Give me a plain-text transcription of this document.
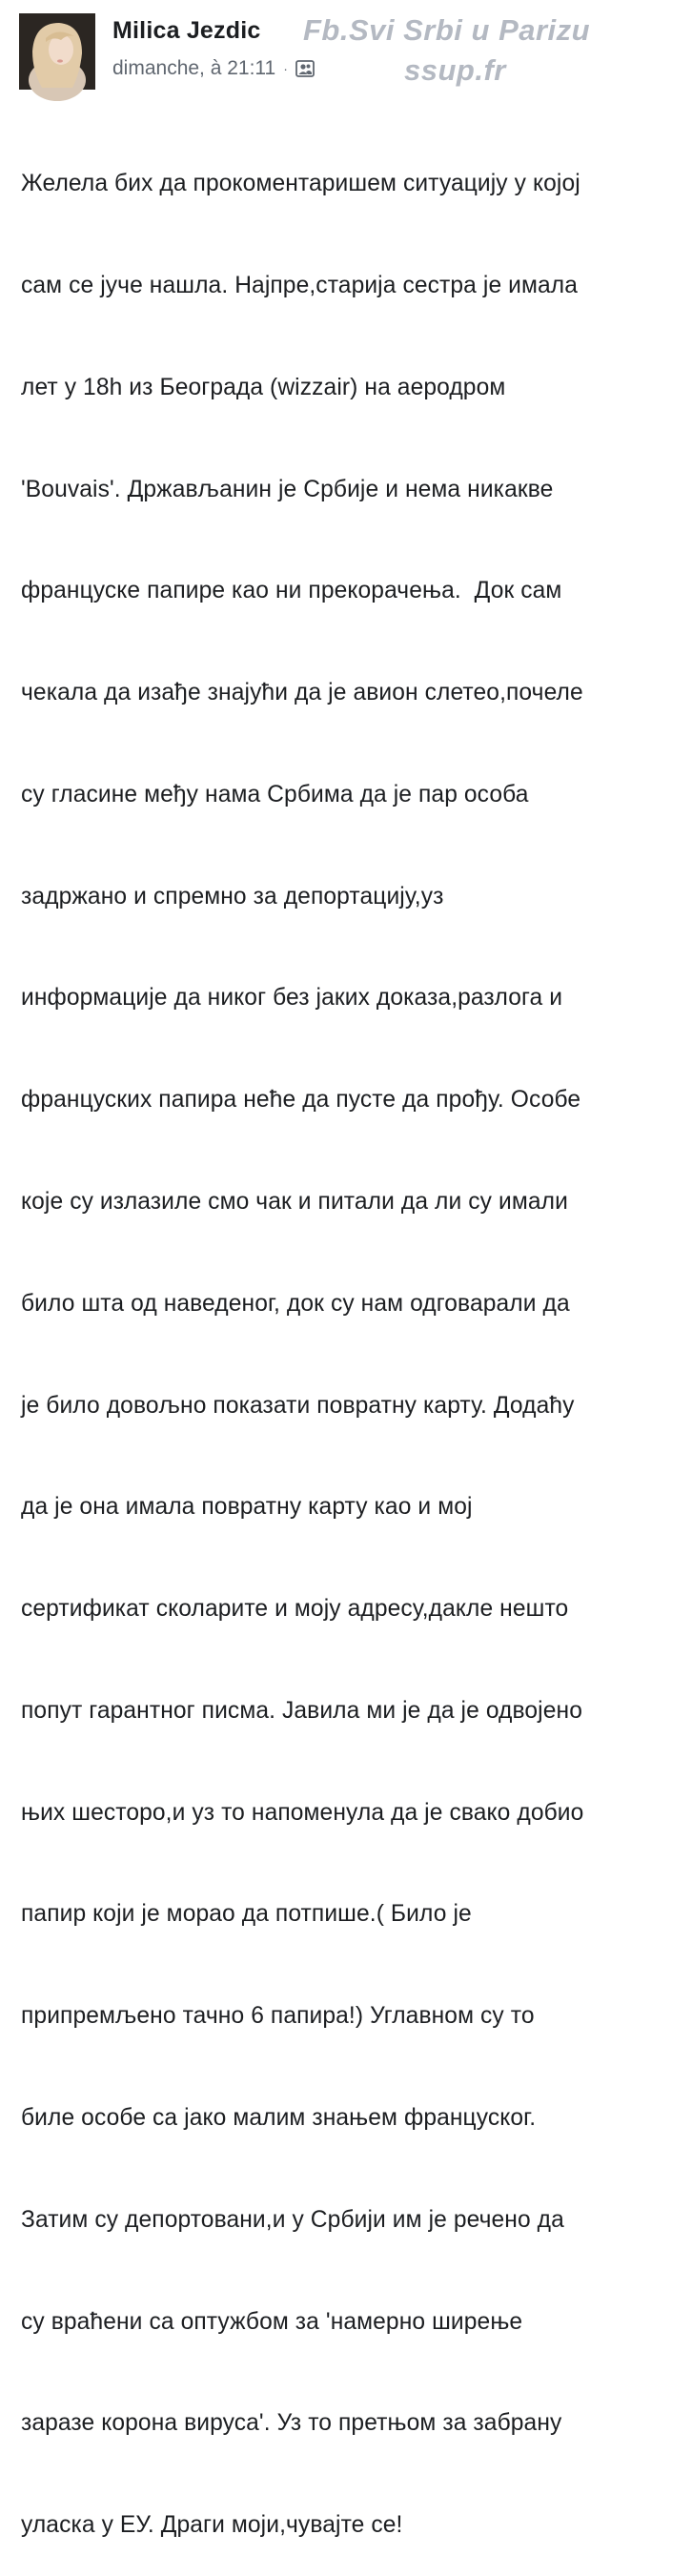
Milica Jezdic
dimanche, à 21:11 ·
Fb.Svi Srbi u Parizu
ssup.fr

Желела бих да прокоментаришем ситуацију у којој

сам се јуче нашла. Најпре,старија сестра је имала

лет у 18h из Београда (wizzair) на аеродром

'Bouvais'. Држављанин је Србије и нема никакве

француске папире као ни прекорачења.  Док сам

чекала да изађе знајући да је авион слетео,почеле

су гласине међу нама Србима да је пар особа

задржано и спремно за депортацију,уз

информације да никог без јаких доказа,разлога и

француских папира неће да пусте да прођу. Особе

које су излазиле смо чак и питали да ли су имали

било шта од наведеног, док су нам одговарали да

је било довољно показати повратну карту. Додаћу

да је она имала повратну карту као и мој

сертификат сколарите и моју адресу,дакле нешто

попут гарантног писма. Јавила ми је да је одвојено

њих шесторо,и уз то напоменула да је свако добио

папир који је морао да потпише.( Било је

припремљено тачно 6 папира!) Углавном су то

биле особе са јако малим знањем француског.

Затим су депортовани,и у Србији им је речено да

су враћени са оптужбом за 'намерно ширење

заразе корона вируса'. Уз то претњом за забрану

уласка у ЕУ. Драги моји,чувајте се!
